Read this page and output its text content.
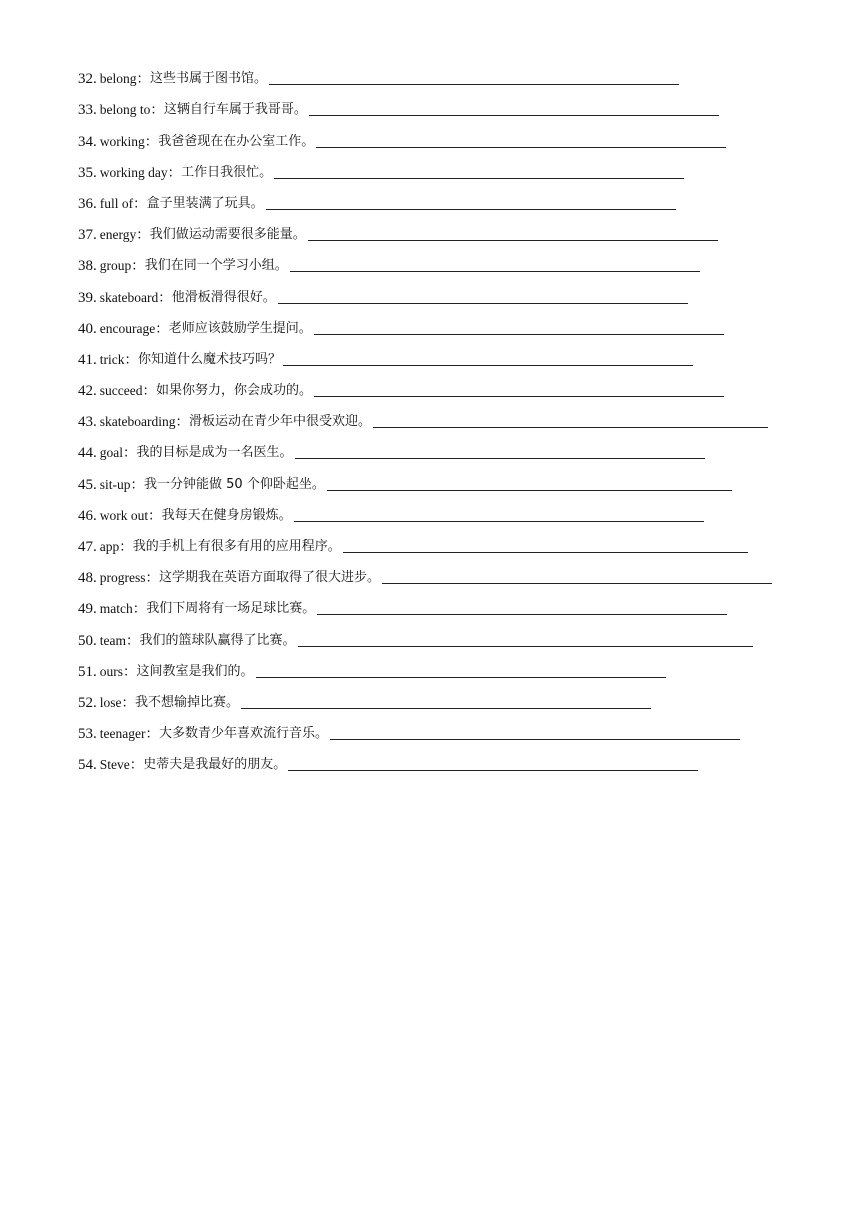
32. belong ： 这些书属于图书馆。
33. belong to ： 这辆自行车属于我哥哥。
34. working ： 我爸爸现在在办公室工作。
35. working day ： 工作日我很忙。
36. full of ： 盒子里装满了玩具。
37. energy ： 我们做运动需要很多能量。
38. group ： 我们在同一个学习小组。
39. skateboard ： 他滑板滑得很好。
40. encourage ： 老师应该鼓励学生提问。
41. trick ： 你知道什么魔术技巧吗？
42. succeed ： 如果你努力，你会成功的。
43. skateboarding ： 滑板运动在青少年中很受欢迎。
44. goal ： 我的目标是成为一名医生。
45. sit-up ： 我一分钟能做 50 个仰卧起坐。
46. work out ： 我每天在健身房锻炼。
47. app ： 我的手机上有很多有用的应用程序。
48. progress ： 这学期我在英语方面取得了很大进步。
49. match ： 我们下周将有一场足球比赛。
50. team ： 我们的篮球队赢得了比赛。
51. ours ： 这间教室是我们的。
52. lose ： 我不想输掉比赛。
53. teenager ： 大多数青少年喜欢流行音乐。
54. Steve ： 史蒂夫是我最好的朋友。
